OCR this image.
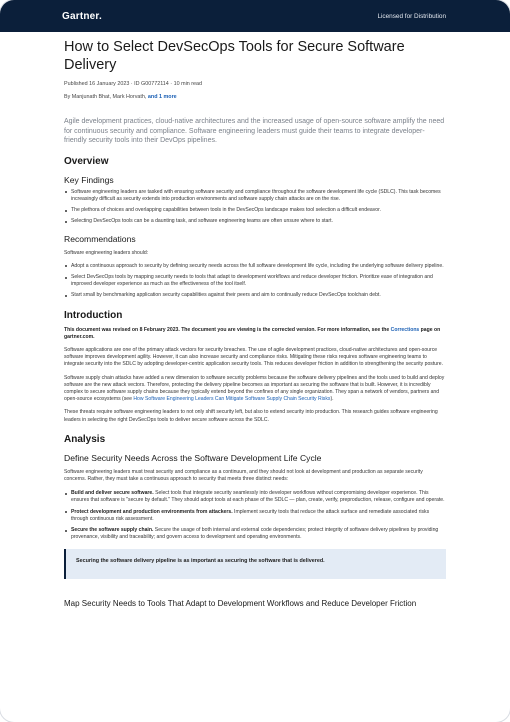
Gartner.	Licensed for Distribution
How to Select DevSecOps Tools for Secure Software Delivery
Published 16 January 2023 · ID G00772114 · 10 min read
By Manjunath Bhat, Mark Horvath, and 1 more

Agile development practices, cloud-native architectures and the increased usage of open-source software amplify the need for continuous security and compliance. Software engineering leaders must guide their teams to integrate developer-friendly security tools into their DevOps pipelines.

Overview
Key Findings
Software engineering leaders are tasked with ensuring software security and compliance throughout the software development life cycle (SDLC). This task becomes increasingly difficult as security extends into production environments and software supply chain attacks are on the rise.
The plethora of choices and overlapping capabilities between tools in the DevSecOps landscape makes tool selection a difficult endeavor.
Selecting DevSecOps tools can be a daunting task, and software engineering teams are often unsure where to start.
Recommendations

Software engineering leaders should:

Adopt a continuous approach to security by defining security needs across the full software development life cycle, including the underlying software delivery pipeline.
Select DevSecOps tools by mapping security needs to tools that adapt to development workflows and reduce developer friction. Prioritize ease of integration and improved developer experience as much as the effectiveness of the tool itself.
Start small by benchmarking application security capabilities against their peers and aim to continually reduce DevSecOps toolchain debt.
Introduction

This document was revised on 8 February 2023. The document you are viewing is the corrected version. For more information, see the Corrections page on gartner.com.

Software applications are one of the primary attack vectors for security breaches. The use of agile development practices, cloud-native architectures and open-source software improves development agility. However, it can also increase security and compliance risks. Mitigating these risks requires software engineering teams to integrate security into the SDLC by adopting developer-centric application security tools. This reduces developer friction in addition to strengthening the security posture.

Software supply chain attacks have added a new dimension to software security problems because the software delivery pipelines and the tools used to build and deploy software are the new attack vectors. Therefore, protecting the delivery pipeline becomes as important as securing the software that is built. However, it is incredibly complex to secure software supply chains because they typically extend beyond the confines of any single organization. They span a network of vendors, partners and open-source ecosystems (see How Software Engineering Leaders Can Mitigate Software Supply Chain Security Risks).

These threats require software engineering leaders to not only shift security left, but also to extend security into production. This research guides software engineering leaders in selecting the right DevSecOps tools to deliver secure software across the SDLC.

Analysis
Define Security Needs Across the Software Development Life Cycle

Software engineering leaders must treat security and compliance as a continuum, and they should not look at development and production as separate security concerns. Rather, they must take a continuous approach to security that meets three distinct needs:

Build and deliver secure software. Select tools that integrate security seamlessly into developer workflows without compromising developer experience. This ensures that software is "secure by default." They should adopt tools at each phase of the SDLC — plan, create, verify, preproduction, release, configure and operate.
Protect development and production environments from attackers. Implement security tools that reduce the attack surface and remediate associated risks through continuous risk assessment.
Secure the software supply chain. Secure the usage of both internal and external code dependencies; protect integrity of software delivery pipelines by providing provenance, visibility and traceability; and govern access to development and operating environments.
Securing the software delivery pipeline is as important as securing the software that is delivered.
Map Security Needs to Tools That Adapt to Development Workflows and Reduce Developer Friction
